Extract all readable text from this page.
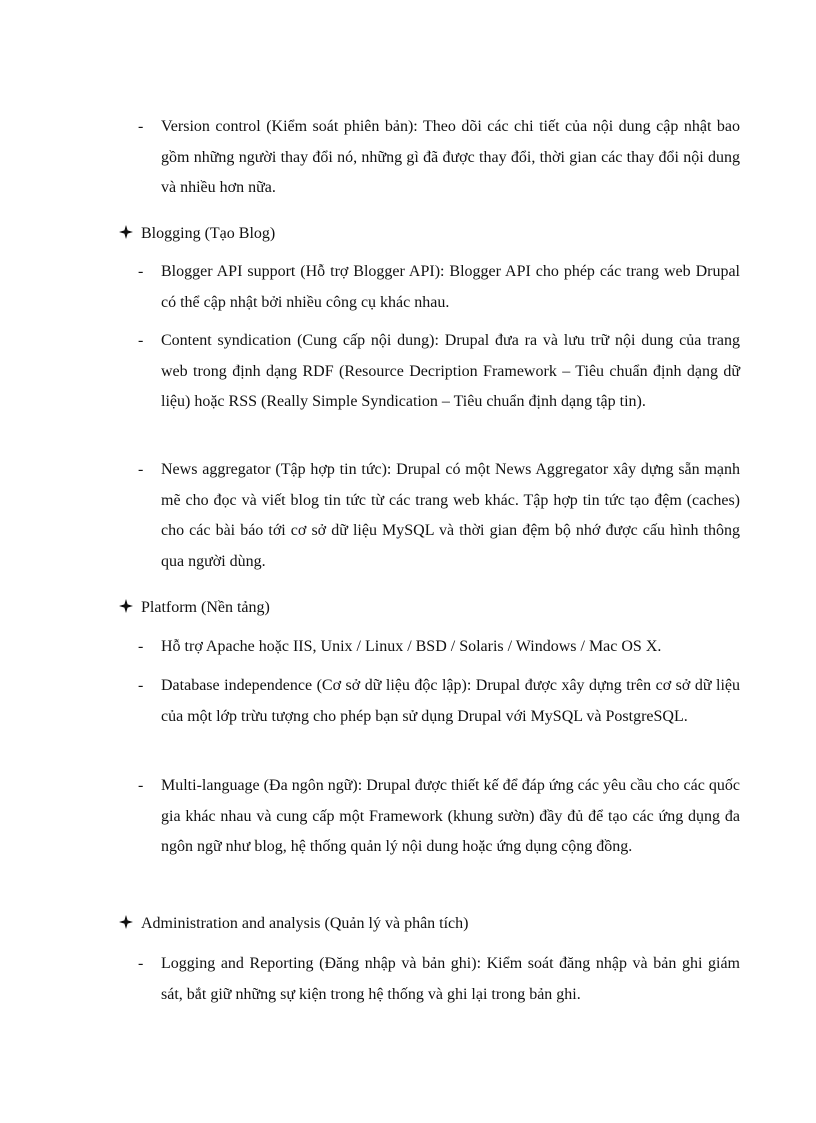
- Version control (Kiểm soát phiên bản): Theo dõi các chi tiết của nội dung cập nhật bao gồm những người thay đổi nó, những gì đã được thay đổi, thời gian các thay đổi nội dung và nhiều hơn nữa.
Blogging (Tạo Blog)
- Blogger API support (Hỗ trợ Blogger API): Blogger API cho phép các trang web Drupal có thể cập nhật bởi nhiều công cụ khác nhau.
- Content syndication (Cung cấp nội dung): Drupal đưa ra và lưu trữ nội dung của trang web trong định dạng RDF (Resource Decription Framework – Tiêu chuẩn định dạng dữ liệu) hoặc RSS (Really Simple Syndication – Tiêu chuẩn định dạng tập tin).
- News aggregator (Tập hợp tin tức): Drupal có một News Aggregator xây dựng sẵn mạnh mẽ cho đọc và viết blog tin tức từ các trang web khác. Tập hợp tin tức tạo đệm (caches) cho các bài báo tới cơ sở dữ liệu MySQL và thời gian đệm bộ nhớ được cấu hình thông qua người dùng.
Platform (Nền tảng)
- Hỗ trợ Apache hoặc IIS, Unix / Linux / BSD / Solaris / Windows / Mac OS X.
- Database independence (Cơ sở dữ liệu độc lập): Drupal được xây dựng trên cơ sở dữ liệu của một lớp trừu tượng cho phép bạn sử dụng Drupal với MySQL và PostgreSQL.
- Multi-language (Đa ngôn ngữ): Drupal được thiết kế để đáp ứng các yêu cầu cho các quốc gia khác nhau và cung cấp một Framework (khung sườn) đầy đủ để tạo các ứng dụng đa ngôn ngữ như blog, hệ thống quản lý nội dung hoặc ứng dụng cộng đồng.
Administration and analysis (Quản lý và phân tích)
- Logging and Reporting (Đăng nhập và bản ghi): Kiểm soát đăng nhập và bản ghi giám sát, bắt giữ những sự kiện trong hệ thống và ghi lại trong bản ghi.
